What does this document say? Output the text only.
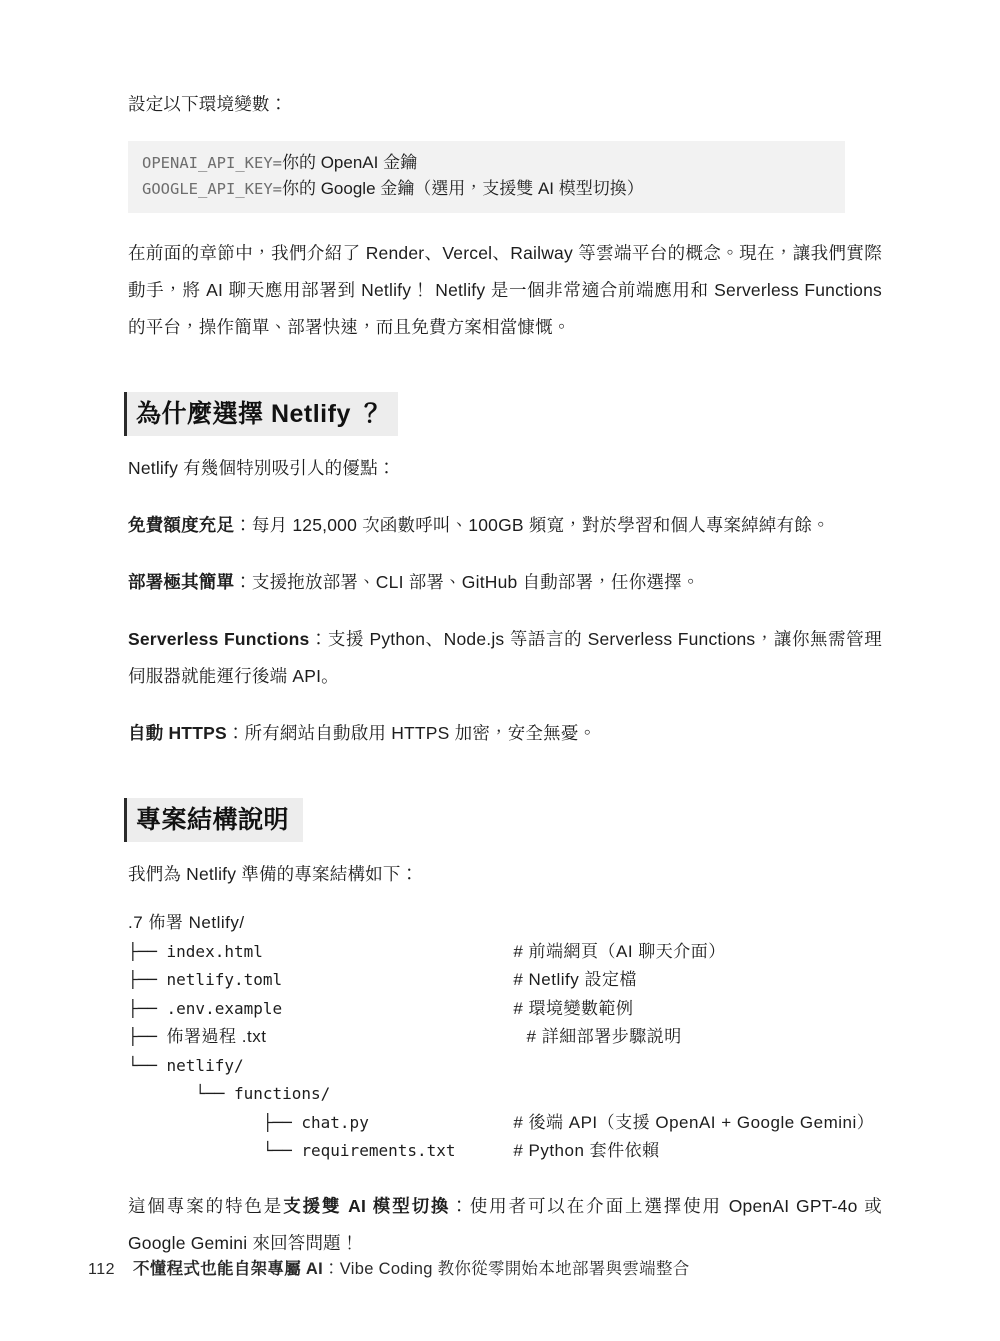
設定以下環境變數：

OPENAI_API_KEY=你的 OpenAI 金鑰
GOOGLE_API_KEY=你的 Google 金鑰（選用，支援雙 AI 模型切換）

在前面的章節中，我們介紹了 Render、Vercel、Railway 等雲端平台的概念。現在，讓我們實際動手，將 AI 聊天應用部署到 Netlify！ Netlify 是一個非常適合前端應用和 Serverless Functions 的平台，操作簡單、部署快速，而且免費方案相當慷慨。

為什麼選擇 Netlify ？

Netlify 有幾個特別吸引人的優點：

免費額度充足：每月 125,000 次函數呼叫、100GB 頻寬，對於學習和個人專案綽綽有餘。

部署極其簡單：支援拖放部署、CLI 部署、GitHub 自動部署，任你選擇。

Serverless Functions：支援 Python、Node.js 等語言的 Serverless Functions，讓你無需管理伺服器就能運行後端 API。

自動 HTTPS：所有網站自動啟用 HTTPS 加密，安全無憂。

專案結構說明

我們為 Netlify 準備的專案結構如下：

.7 佈署 Netlify/
├── index.html	# 前端網頁（AI 聊天介面）
├── netlify.toml	# Netlify 設定檔
├── .env.example	# 環境變數範例
├── 佈署過程 .txt	# 詳細部署步驟説明
└── netlify/
└── functions/
├── chat.py	# 後端 API（支援 OpenAI + Google Gemini）
└── requirements.txt	# Python 套件依賴

這個專案的特色是支援雙 AI 模型切換：使用者可以在介面上選擇使用 OpenAI GPT-4o 或 Google Gemini 來回答問題！

112 不懂程式也能自架專屬 AI：Vibe Coding 教你從零開始本地部署與雲端整合
